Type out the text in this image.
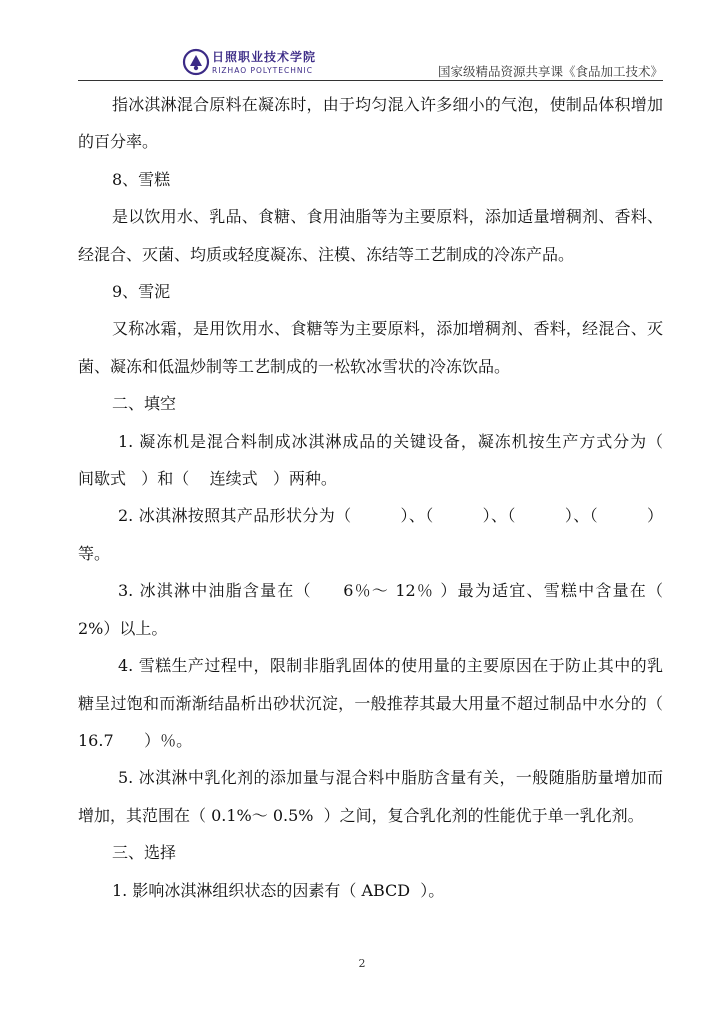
日照职业技术学院
RIZHAO POLYTECHNIC	国家级精品资源共享课《食品加工技术》

指冰淇淋混合原料在凝冻时，由于均匀混入许多细小的气泡，使制品体积增加的百分率。

8、雪糕

是以饮用水、乳品、食糖、食用油脂等为主要原料，添加适量增稠剂、香料、经混合、灭菌、均质或轻度凝冻、注模、冻结等工艺制成的冷冻产品。

9、雪泥

又称冰霜，是用饮用水、食糖等为主要原料，添加增稠剂、香料，经混合、灭菌、凝冻和低温炒制等工艺制成的一松软冰雪状的冷冻饮品。

二、填空

1. 凝冻机是混合料制成冰淇淋成品的关键设备，凝冻机按生产方式分为（    间歇式   ）和（    连续式   ）两种。

2. 冰淇淋按照其产品形状分为（         ）、（         ）、（         ）、（         ）等。

3. 冰淇淋中油脂含量在（     6％～ 12％ ）最为适宜、雪糕中含量在（        2%）以上。

4. 雪糕生产过程中，限制非脂乳固体的使用量的主要原因在于防止其中的乳糖呈过饱和而渐渐结晶析出砂状沉淀，一般推荐其最大用量不超过制品中水分的（   16.7      ）％。

5. 冰淇淋中乳化剂的添加量与混合料中脂肪含量有关，一般随脂肪量增加而增加，其范围在（ 0.1%～ 0.5%  ）之间，复合乳化剂的性能优于单一乳化剂。

三、选择

1. 影响冰淇淋组织状态的因素有（ ABCD  ）。

2
